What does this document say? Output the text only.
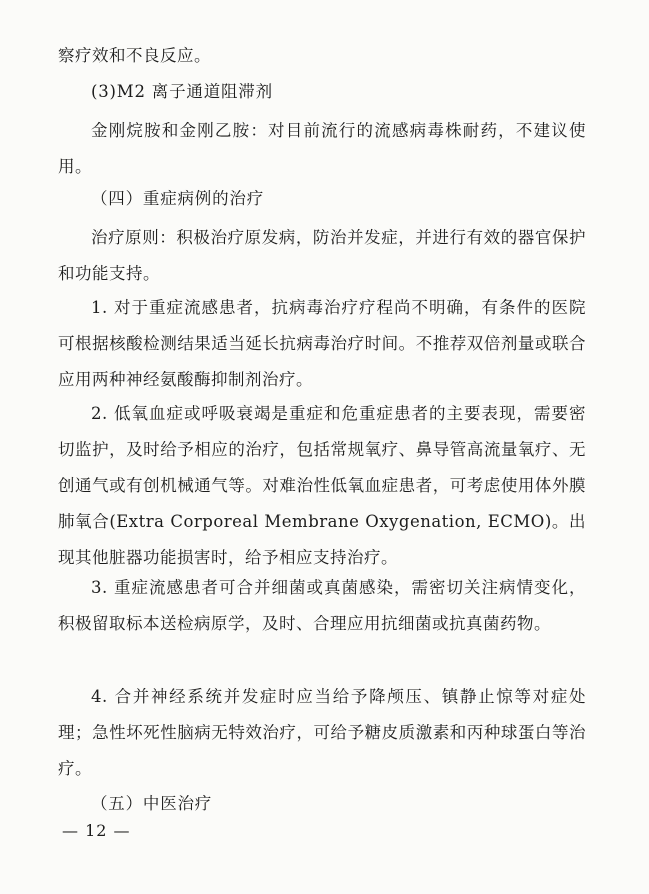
察疗效和不良反应。

(3)M2 离子通道阻滞剂

金刚烷胺和金刚乙胺：对目前流行的流感病毒株耐药，不建议使用。

（四）重症病例的治疗

治疗原则：积极治疗原发病，防治并发症，并进行有效的器官保护和功能支持。

1. 对于重症流感患者，抗病毒治疗疗程尚不明确，有条件的医院可根据核酸检测结果适当延长抗病毒治疗时间。不推荐双倍剂量或联合应用两种神经氨酸酶抑制剂治疗。

2. 低氧血症或呼吸衰竭是重症和危重症患者的主要表现，需要密切监护，及时给予相应的治疗，包括常规氧疗、鼻导管高流量氧疗、无创通气或有创机械通气等。对难治性低氧血症患者，可考虑使用体外膜肺氧合(Extra Corporeal Membrane Oxygenation, ECMO)。出现其他脏器功能损害时，给予相应支持治疗。

3. 重症流感患者可合并细菌或真菌感染，需密切关注病情变化，积极留取标本送检病原学，及时、合理应用抗细菌或抗真菌药物。

4. 合并神经系统并发症时应当给予降颅压、镇静止惊等对症处理；急性坏死性脑病无特效治疗，可给予糖皮质激素和丙种球蛋白等治疗。

（五）中医治疗

— 12 —
